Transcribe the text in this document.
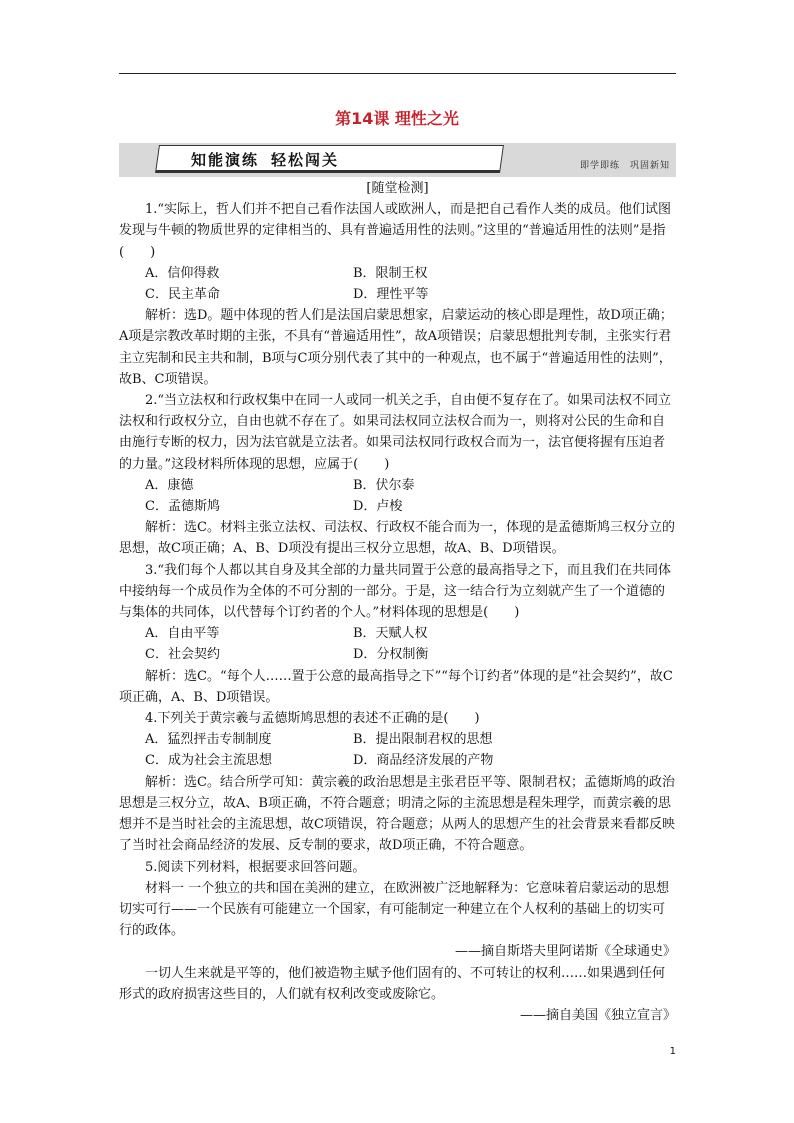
第14课 理性之光
知能演练 轻松闯关	即学即练 巩固新知

[随堂检测]

1.“实际上，哲人们并不把自己看作法国人或欧洲人，而是把自己看作人类的成员。他们试图发现与牛顿的物质世界的定律相当的、具有普遍适用性的法则。”这里的“普遍适用性的法则”是指(　　)

A．信仰得救	B．限制王权
C．民主革命	D．理性平等

解析：选D。题中体现的哲人们是法国启蒙思想家，启蒙运动的核心即是理性，故D项正确；A项是宗教改革时期的主张，不具有“普遍适用性”，故A项错误；启蒙思想批判专制，主张实行君主立宪制和民主共和制，B项与C项分别代表了其中的一种观点，也不属于“普遍适用性的法则”，故B、C项错误。

2.“当立法权和行政权集中在同一人或同一机关之手，自由便不复存在了。如果司法权不同立法权和行政权分立，自由也就不存在了。如果司法权同立法权合而为一，则将对公民的生命和自由施行专断的权力，因为法官就是立法者。如果司法权同行政权合而为一，法官便将握有压迫者的力量。”这段材料所体现的思想，应属于(　　)

A．康德	B．伏尔泰
C．孟德斯鸠	D．卢梭

解析：选C。材料主张立法权、司法权、行政权不能合而为一，体现的是孟德斯鸠三权分立的思想，故C项正确；A、B、D项没有提出三权分立思想，故A、B、D项错误。

3.“我们每个人都以其自身及其全部的力量共同置于公意的最高指导之下，而且我们在共同体中接纳每一个成员作为全体的不可分割的一部分。于是，这一结合行为立刻就产生了一个道德的与集体的共同体，以代替每个订约者的个人。”材料体现的思想是(　　)

A．自由平等	B．天赋人权
C．社会契约	D．分权制衡

解析：选C。“每个人……置于公意的最高指导之下”“每个订约者”体现的是“社会契约”，故C项正确，A、B、D项错误。

4.下列关于黄宗羲与孟德斯鸠思想的表述不正确的是(　　)

A．猛烈抨击专制制度	B．提出限制君权的思想
C．成为社会主流思想	D．商品经济发展的产物

解析：选C。结合所学可知：黄宗羲的政治思想是主张君臣平等、限制君权；孟德斯鸠的政治思想是三权分立，故A、B项正确，不符合题意；明清之际的主流思想是程朱理学，而黄宗羲的思想并不是当时社会的主流思想，故C项错误，符合题意；从两人的思想产生的社会背景来看都反映了当时社会商品经济的发展、反专制的要求，故D项正确，不符合题意。

5.阅读下列材料，根据要求回答问题。

材料一 一个独立的共和国在美洲的建立，在欧洲被广泛地解释为：它意味着启蒙运动的思想切实可行——一个民族有可能建立一个国家，有可能制定一种建立在个人权利的基础上的切实可行的政体。

——摘自斯塔夫里阿诺斯《全球通史》

一切人生来就是平等的，他们被造物主赋予他们固有的、不可转让的权利……如果遇到任何形式的政府损害这些目的，人们就有权利改变或废除它。

——摘自美国《独立宣言》

1
